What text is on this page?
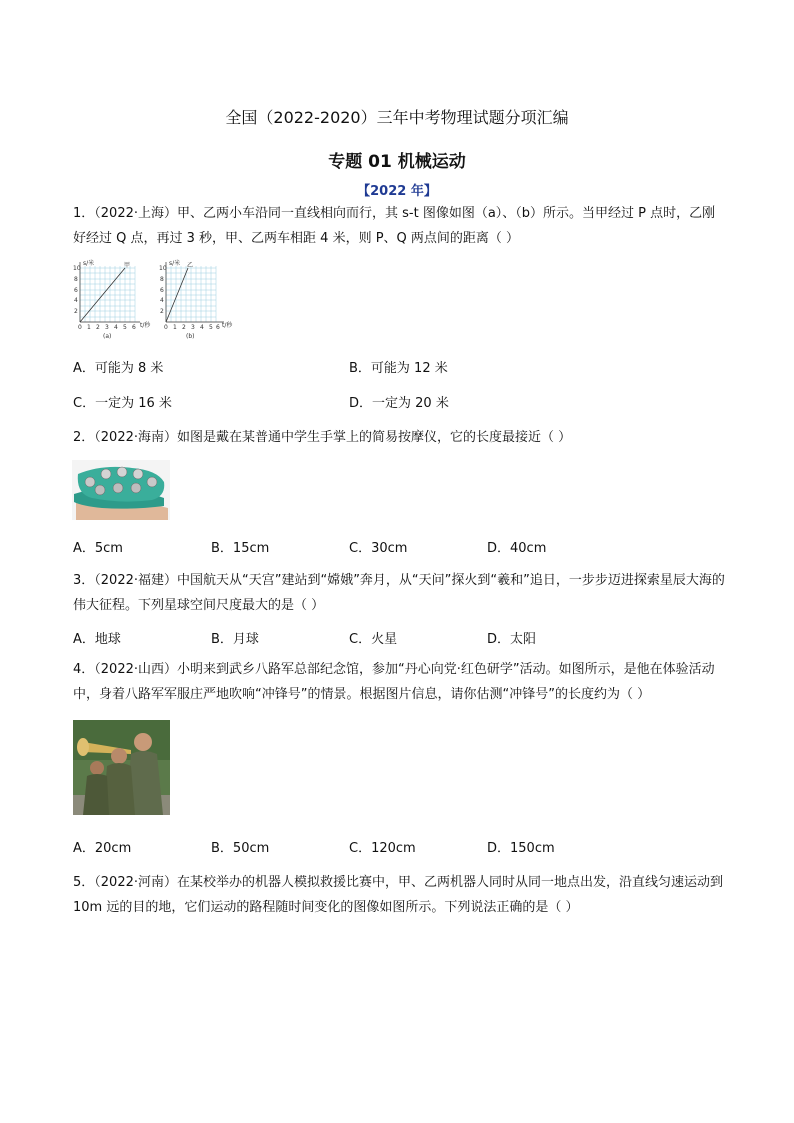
全国（2022-2020）三年中考物理试题分项汇编
专题 01 机械运动
【2022 年】
1．（2022·上海）甲、乙两小车沿同一直线相向而行，其 s-t 图像如图（a）、（b）所示。当甲经过 P 点时，乙刚好经过 Q 点，再过 3 秒，甲、乙两车相距 4 米，则 P、Q 两点间的距离（ ）
s/米	甲
t/秒
10
8
6
4
2
0 1 2 3 4 5 6
(a)
s/米 乙
t/秒
10
8
6
4
2
0 1 2 3 4 5 6
(b)
A．可能为 8 米	B．可能为 12 米
C．一定为 16 米	D．一定为 20 米
2．（2022·海南）如图是戴在某普通中学生手掌上的简易按摩仪，它的长度最接近（ ）
A．5cm	B．15cm	C．30cm	D．40cm
3．（2022·福建）中国航天从“天宫”建站到“嫦娥”奔月，从“天问”探火到“羲和”追日，一步步迈进探索星辰大海的伟大征程。下列星球空间尺度最大的是（ ）
A．地球	B．月球	C．火星	D．太阳
4．（2022·山西）小明来到武乡八路军总部纪念馆，参加“丹心向党·红色研学”活动。如图所示，是他在体验活动中，身着八路军军服庄严地吹响“冲锋号”的情景。根据图片信息，请你估测“冲锋号”的长度约为（ ）
A．20cm	B．50cm	C．120cm	D．150cm
5．（2022·河南）在某校举办的机器人模拟救援比赛中，甲、乙两机器人同时从同一地点出发，沿直线匀速运动到 10m 远的目的地，它们运动的路程随时间变化的图像如图所示。下列说法正确的是（ ）
